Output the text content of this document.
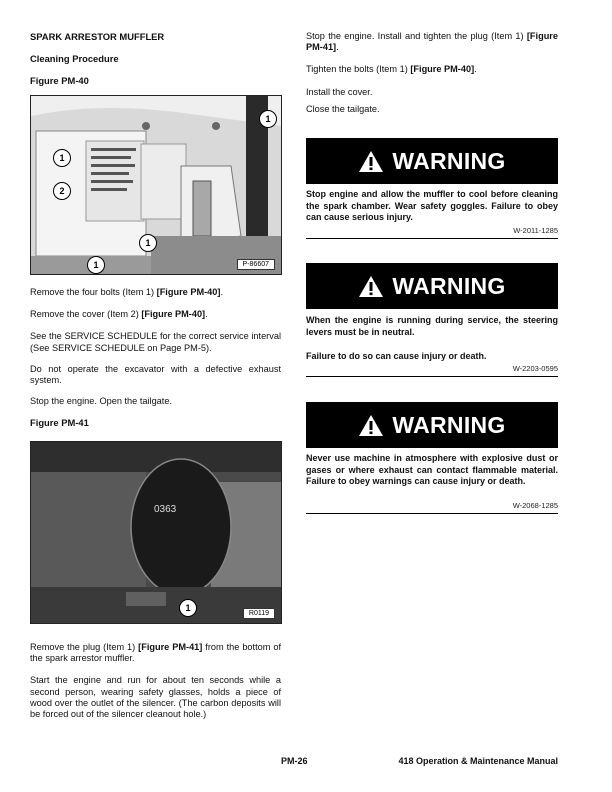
SPARK ARRESTOR MUFFLER

Cleaning Procedure

Figure PM-40

1
1
2
1
1	P-86607

Remove the four bolts (Item 1) [Figure PM-40].

Remove the cover (Item 2) [Figure PM-40].

See the SERVICE SCHEDULE for the correct service interval (See SERVICE SCHEDULE on Page PM-5).

Do not operate the excavator with a defective exhaust system.

Stop the engine. Open the tailgate.

Figure PM-41

0363
1
R0119

Remove the plug (Item 1) [Figure PM-41] from the bottom of the spark arrestor muffler.

Start the engine and run for about ten seconds while a second person, wearing safety glasses, holds a piece of wood over the outlet of the silencer. (The carbon deposits will be forced out of the silencer cleanout hole.)

Stop the engine. Install and tighten the plug (Item 1) [Figure PM-41].

Tighten the bolts (Item 1) [Figure PM-40].

Install the cover.

Close the tailgate.

WARNING
Stop engine and allow the muffler to cool before cleaning the spark chamber. Wear safety goggles. Failure to obey can cause serious injury.
W-2011-1285
WARNING
When the engine is running during service, the steering levers must be in neutral.
Failure to do so can cause injury or death.
W-2203-0595
WARNING
Never use machine in atmosphere with explosive dust or gases or where exhaust can contact flammable material. Failure to obey warnings can cause injury or death.
W-2068-1285
PM-26	418 Operation & Maintenance Manual
